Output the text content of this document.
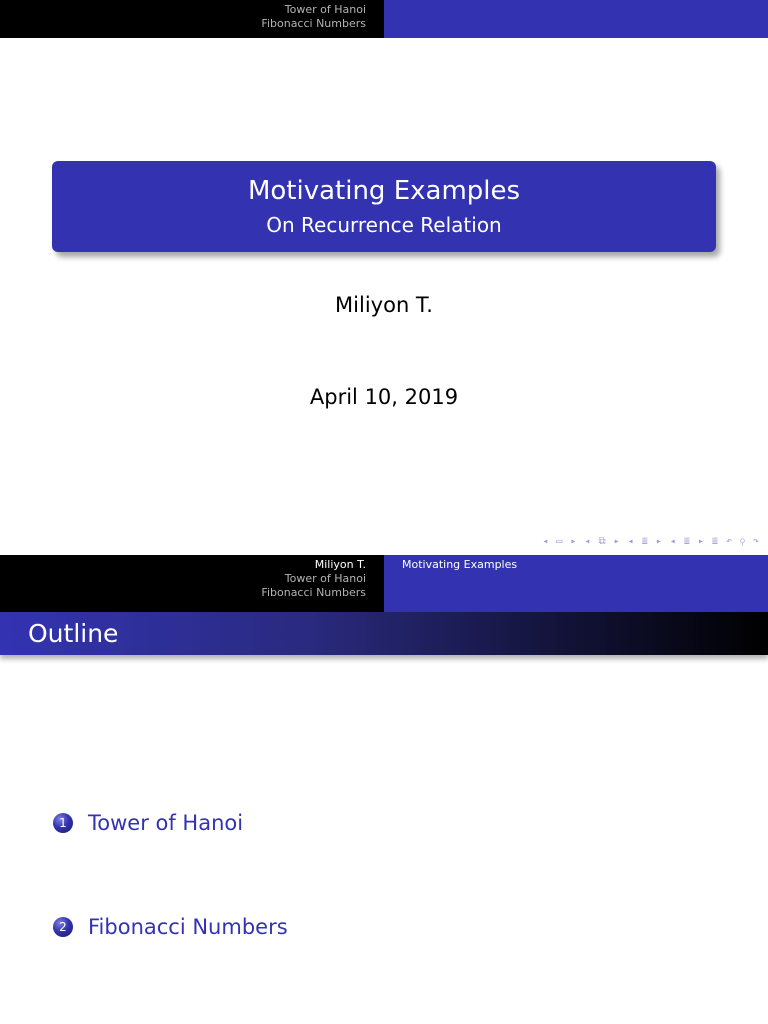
Tower of Hanoi
Fibonacci Numbers
Motivating Examples
On Recurrence Relation
Miliyon T.
April 10, 2019
◂ ▭ ▸ ◂ ⧉ ▸ ◂ ≣ ▸ ◂ ≣ ▸ ≣ ↶ ⚲ ↷
Miliyon T.
Tower of Hanoi
Fibonacci Numbers
Motivating Examples
Outline
1 Tower of Hanoi
2 Fibonacci Numbers
